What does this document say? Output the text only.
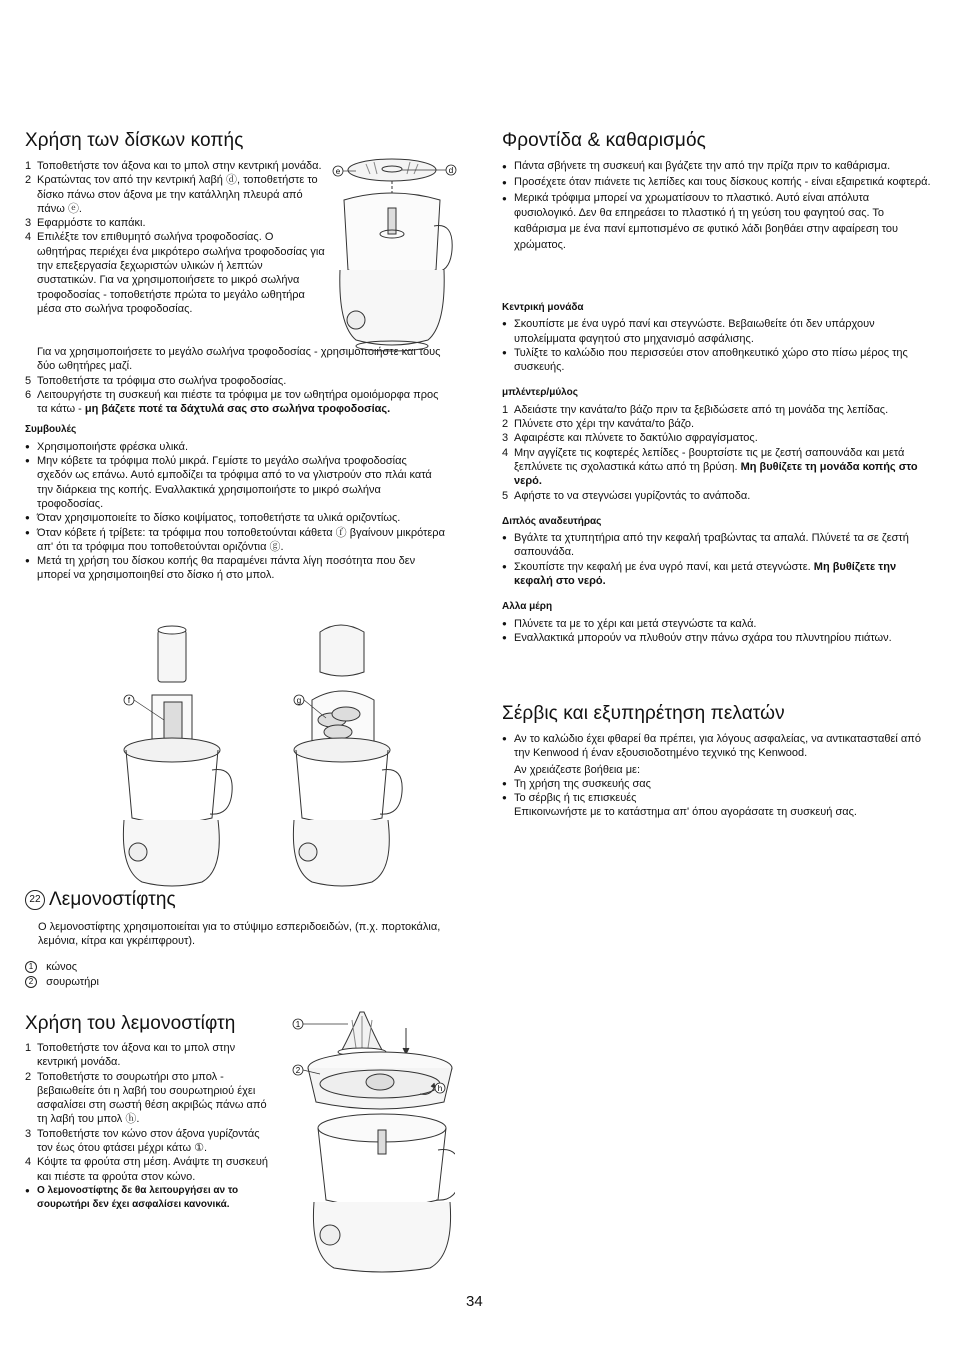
Χρήση των δίσκων κοπής
1 Τοποθετήστε τον άξονα και το μπολ στην κεντρική μονάδα.
2 Κρατώντας τον από την κεντρική λαβή ⓓ, τοποθετήστε το δίσκο πάνω στον άξονα με την κατάλληλη πλευρά από πάνω ⓔ.
3 Εφαρμόστε το καπάκι.
4 Επιλέξτε τον επιθυμητό σωλήνα τροφοδοσίας. Ο ωθητήρας περιέχει ένα μικρότερο σωλήνα τροφοδοσίας για την επεξεργασία ξεχωριστών υλικών ή λεπτών συστατικών. Για να χρησιμοποιήσετε το μικρό σωλήνα τροφοδοσίας - τοποθετήστε πρώτα το μεγάλο ωθητήρα μέσα στο σωλήνα τροφοδοσίας.
Για να χρησιμοποιήσετε το μεγάλο σωλήνα τροφοδοσίας - χρησιμοποιήστε και τους δύο ωθητήρες μαζί.
5 Τοποθετήστε τα τρόφιμα στο σωλήνα τροφοδοσίας.
6 Λειτουργήστε τη συσκευή και πιέστε τα τρόφιμα με τον ωθητήρα ομοιόμορφα προς τα κάτω - μη βάζετε ποτέ τα δάχτυλά σας στο σωλήνα τροφοδοσίας.
Συμβουλές
● Χρησιμοποιήστε φρέσκα υλικά.
● Μην κόβετε τα τρόφιμα πολύ μικρά. Γεμίστε το μεγάλο σωλήνα τροφοδοσίας σχεδόν ως επάνω. Αυτό εμποδίζει τα τρόφιμα από το να γλιστρούν στο πλάι κατά την διάρκεια της κοπής. Εναλλακτικά χρησιμοποιήστε το μικρό σωλήνα τροφοδοσίας.
● Όταν χρησιμοποιείτε το δίσκο κοψίματος, τοποθετήστε τα υλικά οριζοντίως.
● Όταν κόβετε ή τρίβετε: τα τρόφιμα που τοποθετούνται κάθετα ⓕ βγαίνουν μικρότερα απ' ότι τα τρόφιμα που τοποθετούνται οριζόντια ⓖ.
● Μετά τη χρήση του δίσκου κοπής θα παραμένει πάντα λίγη ποσότητα που δεν μπορεί να χρησιμοποιηθεί στο δίσκο ή στο μπολ.
e	d
f	g
22 Λεμονοστίφτης

Ο λεμονοστίφτης χρησιμοποιείται για το στύψιμο εσπεριδοειδών, (π.χ. πορτοκάλια, λεμόνια, κίτρα και γκρέιπφρουτ).

1 κώνος
2 σουρωτήρι
Χρήση του λεμονοστίφτη
1 Τοποθετήστε τον άξονα και το μπολ στην κεντρική μονάδα.
2 Τοποθετήστε το σουρωτήρι στο μπολ - βεβαιωθείτε ότι η λαβή του σουρωτηριού έχει ασφαλίσει στη σωστή θέση ακριβώς πάνω από τη λαβή του μπολ ⓗ.
3 Τοποθετήστε τον κώνο στον άξονα γυρίζοντάς τον έως ότου φτάσει μέχρι κάτω ①.
4 Κόψτε τα φρούτα στη μέση. Ανάψτε τη συσκευή και πιέστε τα φρούτα στον κώνο.
● Ο λεμονοστίφτης δε θα λειτουργήσει αν το σουρωτήρι δεν έχει ασφαλίσει κανονικά.
1
2
h
Φροντίδα & καθαρισμός
● Πάντα σβήνετε τη συσκευή και βγάζετε την από την πρίζα πριν το καθάρισμα.
● Προσέχετε όταν πιάνετε τις λεπίδες και τους δίσκους κοπής - είναι εξαιρετικά κοφτερά.
● Μερικά τρόφιμα μπορεί να χρωματίσουν το πλαστικό. Αυτό είναι απόλυτα φυσιολογικό. Δεν θα επηρεάσει το πλαστικό ή τη γεύση του φαγητού σας. Το καθάρισμα με ένα πανί εμποτισμένο σε φυτικό λάδι βοηθάει στην αφαίρεση του χρώματος.
Κεντρική μονάδα
● Σκουπίστε με ένα υγρό πανί και στεγνώστε. Βεβαιωθείτε ότι δεν υπάρχουν υπολείμματα φαγητού στο μηχανισμό ασφάλισης.
● Τυλίξτε το καλώδιο που περισσεύει στον αποθηκευτικό χώρο στο πίσω μέρος της συσκευής.
μπλέντερ/μύλος
1 Αδειάστε την κανάτα/το βάζο πριν τα ξεβιδώσετε από τη μονάδα της λεπίδας.
2 Πλύνετε στο χέρι την κανάτα/το βάζο.
3 Αφαιρέστε και πλύνετε το δακτύλιο σφραγίσματος.
4 Μην αγγίζετε τις κοφτερές λεπίδες - βουρτσίστε τις με ζεστή σαπουνάδα και μετά ξεπλύνετε τις σχολαστικά κάτω από τη βρύση. Μη βυθίζετε τη μονάδα κοπής στο νερό.
5 Αφήστε το να στεγνώσει γυρίζοντάς το ανάποδα.
Διπλός αναδευτήρας
● Βγάλτε τα χτυπητήρια από την κεφαλή τραβώντας τα απαλά. Πλύνετέ τα σε ζεστή σαπουνάδα.
● Σκουπίστε την κεφαλή με ένα υγρό πανί, και μετά στεγνώστε. Μη βυθίζετε την κεφαλή στο νερό.
Αλλα μέρη
● Πλύνετε τα με το χέρι και μετά στεγνώστε τα καλά.
● Εναλλακτικά μπορούν να πλυθούν στην πάνω σχάρα του πλυντηρίου πιάτων.
Σέρβις και εξυπηρέτηση πελατών
● Αν το καλώδιο έχει φθαρεί θα πρέπει, για λόγους ασφαλείας, να αντικατασταθεί από την Kenwood ή έναν εξουσιοδοτημένο τεχνικό της Kenwood.

Αν χρειάζεστε βοήθεια με:

● Τη χρήση της συσκευής σας
● Το σέρβις ή τις επισκευές

Επικοινωνήστε με το κατάστημα απ' όπου αγοράσατε τη συσκευή σας.

34
